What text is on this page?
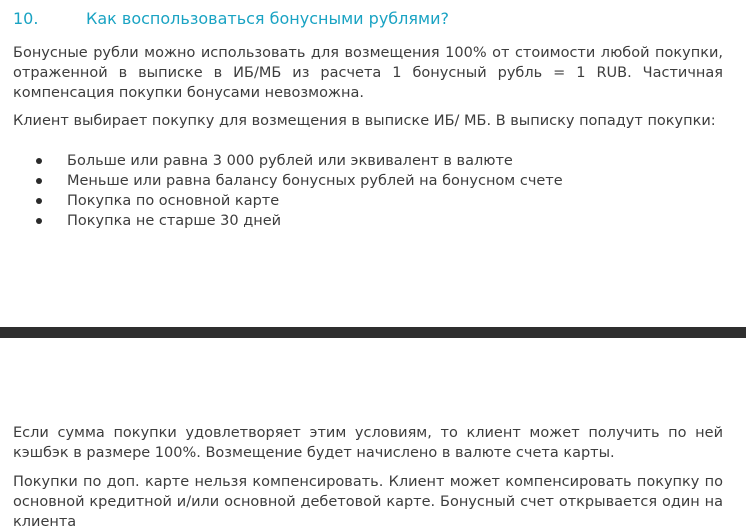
10.	Как воспользоваться бонусными рублями?
Бонусные рубли можно использовать для возмещения 100% от стоимости любой покупки, отраженной в выписке в ИБ/МБ из расчета 1 бонусный рубль = 1 RUB. Частичная компенсация покупки бонусами невозможна.
Клиент выбирает покупку для возмещения в выписке ИБ/ МБ. В выписку попадут покупки:
Больше или равна 3 000 рублей или эквивалент в валюте
Меньше или равна балансу бонусных рублей на бонусном счете
Покупка по основной карте
Покупка не старше 30 дней
Если сумма покупки удовлетворяет этим условиям, то клиент может получить по ней кэшбэк в размере 100%. Возмещение будет начислено в валюте счета карты.
Покупки по доп. карте нельзя компенсировать. Клиент может компенсировать покупку по основной кредитной и/или основной дебетовой карте. Бонусный счет открывается один на клиента
